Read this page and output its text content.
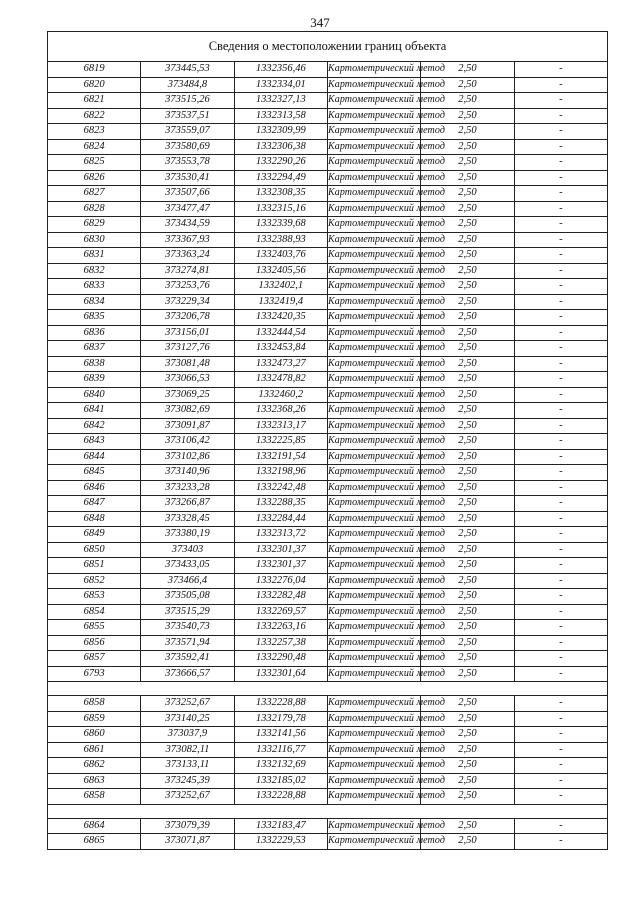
347
Сведения о местоположении границ объекта					
6819	373445,53	1332356,46	Картометрический метод	2,50	-
6820	373484,8	1332334,01	Картометрический метод	2,50	-
6821	373515,26	1332327,13	Картометрический метод	2,50	-
6822	373537,51	1332313,58	Картометрический метод	2,50	-
6823	373559,07	1332309,99	Картометрический метод	2,50	-
6824	373580,69	1332306,38	Картометрический метод	2,50	-
6825	373553,78	1332290,26	Картометрический метод	2,50	-
6826	373530,41	1332294,49	Картометрический метод	2,50	-
6827	373507,66	1332308,35	Картометрический метод	2,50	-
6828	373477,47	1332315,16	Картометрический метод	2,50	-
6829	373434,59	1332339,68	Картометрический метод	2,50	-
6830	373367,93	1332388,93	Картометрический метод	2,50	-
6831	373363,24	1332403,76	Картометрический метод	2,50	-
6832	373274,81	1332405,56	Картометрический метод	2,50	-
6833	373253,76	1332402,1	Картометрический метод	2,50	-
6834	373229,34	1332419,4	Картометрический метод	2,50	-
6835	373206,78	1332420,35	Картометрический метод	2,50	-
6836	373156,01	1332444,54	Картометрический метод	2,50	-
6837	373127,76	1332453,84	Картометрический метод	2,50	-
6838	373081,48	1332473,27	Картометрический метод	2,50	-
6839	373066,53	1332478,82	Картометрический метод	2,50	-
6840	373069,25	1332460,2	Картометрический метод	2,50	-
6841	373082,69	1332368,26	Картометрический метод	2,50	-
6842	373091,87	1332313,17	Картометрический метод	2,50	-
6843	373106,42	1332225,85	Картометрический метод	2,50	-
6844	373102,86	1332191,54	Картометрический метод	2,50	-
6845	373140,96	1332198,96	Картометрический метод	2,50	-
6846	373233,28	1332242,48	Картометрический метод	2,50	-
6847	373266,87	1332288,35	Картометрический метод	2,50	-
6848	373328,45	1332284,44	Картометрический метод	2,50	-
6849	373380,19	1332313,72	Картометрический метод	2,50	-
6850	373403	1332301,37	Картометрический метод	2,50	-
6851	373433,05	1332301,37	Картометрический метод	2,50	-
6852	373466,4	1332276,04	Картометрический метод	2,50	-
6853	373505,08	1332282,48	Картометрический метод	2,50	-
6854	373515,29	1332269,57	Картометрический метод	2,50	-
6855	373540,73	1332263,16	Картометрический метод	2,50	-
6856	373571,94	1332257,38	Картометрический метод	2,50	-
6857	373592,41	1332290,48	Картометрический метод	2,50	-
6793	373666,57	1332301,64	Картометрический метод	2,50	-

6858	373252,67	1332228,88	Картометрический метод	2,50	-
6859	373140,25	1332179,78	Картометрический метод	2,50	-
6860	373037,9	1332141,56	Картометрический метод	2,50	-
6861	373082,11	1332116,77	Картометрический метод	2,50	-
6862	373133,11	1332132,69	Картометрический метод	2,50	-
6863	373245,39	1332185,02	Картометрический метод	2,50	-
6858	373252,67	1332228,88	Картометрический метод	2,50	-

6864	373079,39	1332183,47	Картометрический метод	2,50	-
6865	373071,87	1332229,53	Картометрический метод	2,50	-
